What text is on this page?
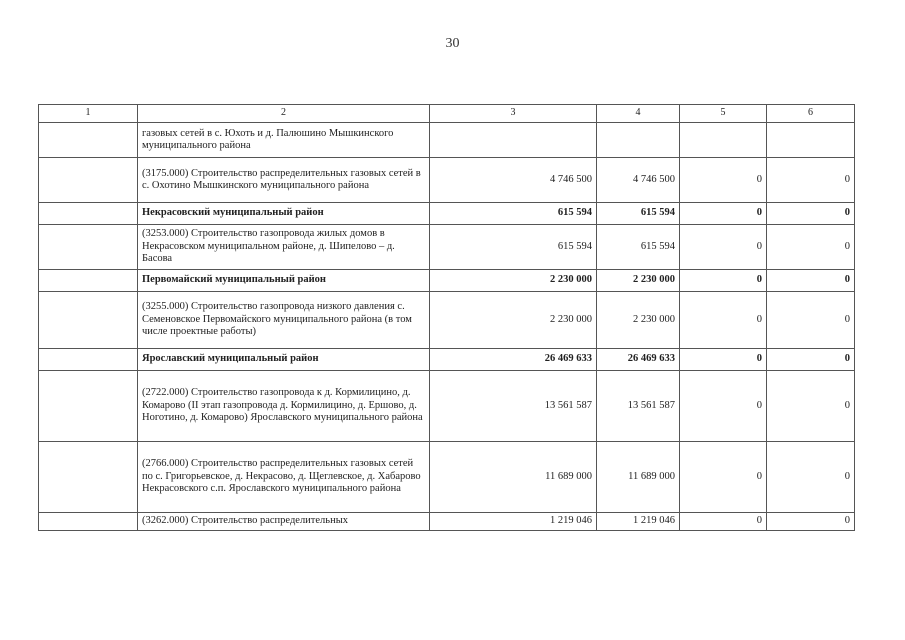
30
1	2	3	4	5	6
	газовых сетей в с. Юхоть и д. Палюшино Мышкинского муниципального района				
	(3175.000) Строительство распределительных газовых сетей в с. Охотино Мышкинского муниципального района	4 746 500	4 746 500	0	0
	Некрасовский муниципальный район	615 594	615 594	0	0
	(3253.000) Строительство газопровода жилых домов в Некрасовском муниципальном районе, д. Шипелово – д. Басова	615 594	615 594	0	0
	Первомайский муниципальный район	2 230 000	2 230 000	0	0
	(3255.000) Строительство газопровода низкого давления с. Семеновское Первомайского муниципального района (в том числе проектные работы)	2 230 000	2 230 000	0	0
	Ярославский муниципальный район	26 469 633	26 469 633	0	0
	(2722.000) Строительство газопровода к д. Кормилицино, д. Комарово (II этап газопровода д. Кормилицино, д. Ершово, д. Ноготино, д. Комарово) Ярославского муниципального района	13 561 587	13 561 587	0	0
	(2766.000) Строительство распределительных газовых сетей по с. Григорьевское, д. Некрасово, д. Щеглевское, д. Хабарово Некрасовского с.п. Ярославского муниципального района	11 689 000	11 689 000	0	0
	(3262.000) Строительство распределительных	1 219 046	1 219 046	0	0
